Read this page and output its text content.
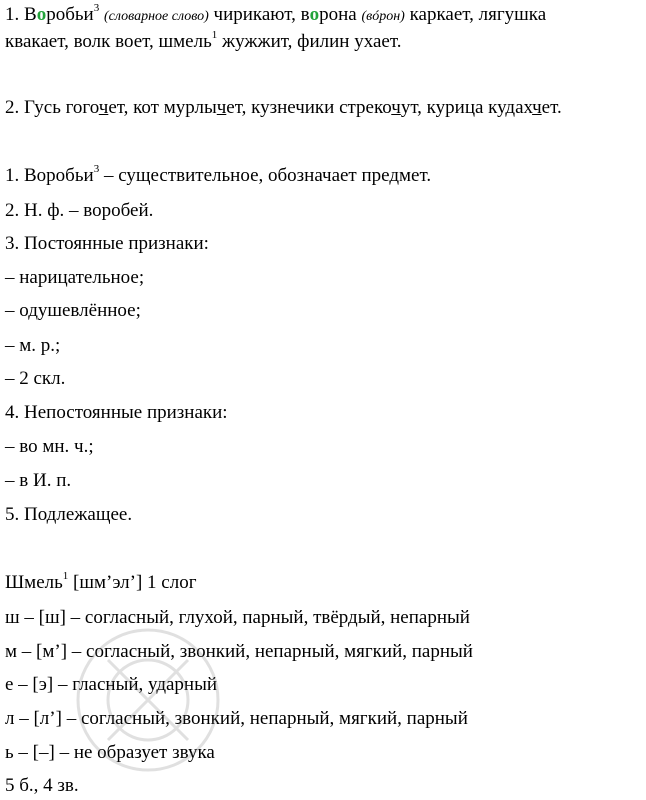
1. Воробьи$^3$ (словарное слово) чирикают, ворона (вóрон) каркает, лягушка
квакает, волк воет, шмель$^1$ жужжит, филин ухает.
2. Гусь гогочет, кот мурлычет, кузнечики стрекочут, курица кудахчет.
1. Воробьи$^3$ – существительное, обозначает предмет.
2. Н. ф. – воробей.
3. Постоянные признаки:
– нарицательное;
– одушевлённое;
– м. р.;
– 2 скл.
4. Непостоянные признаки:
– во мн. ч.;
– в И. п.
5. Подлежащее.
Шмель$^1$ [шм’эл’] 1 слог
ш – [ш] – согласный, глухой, парный, твёрдый, непарный
м – [м’] – согласный, звонкий, непарный, мягкий, парный
е – [э] – гласный, ударный
л – [л’] – согласный, звонкий, непарный, мягкий, парный
ь – [–] – не образует звука
5 б., 4 зв.
